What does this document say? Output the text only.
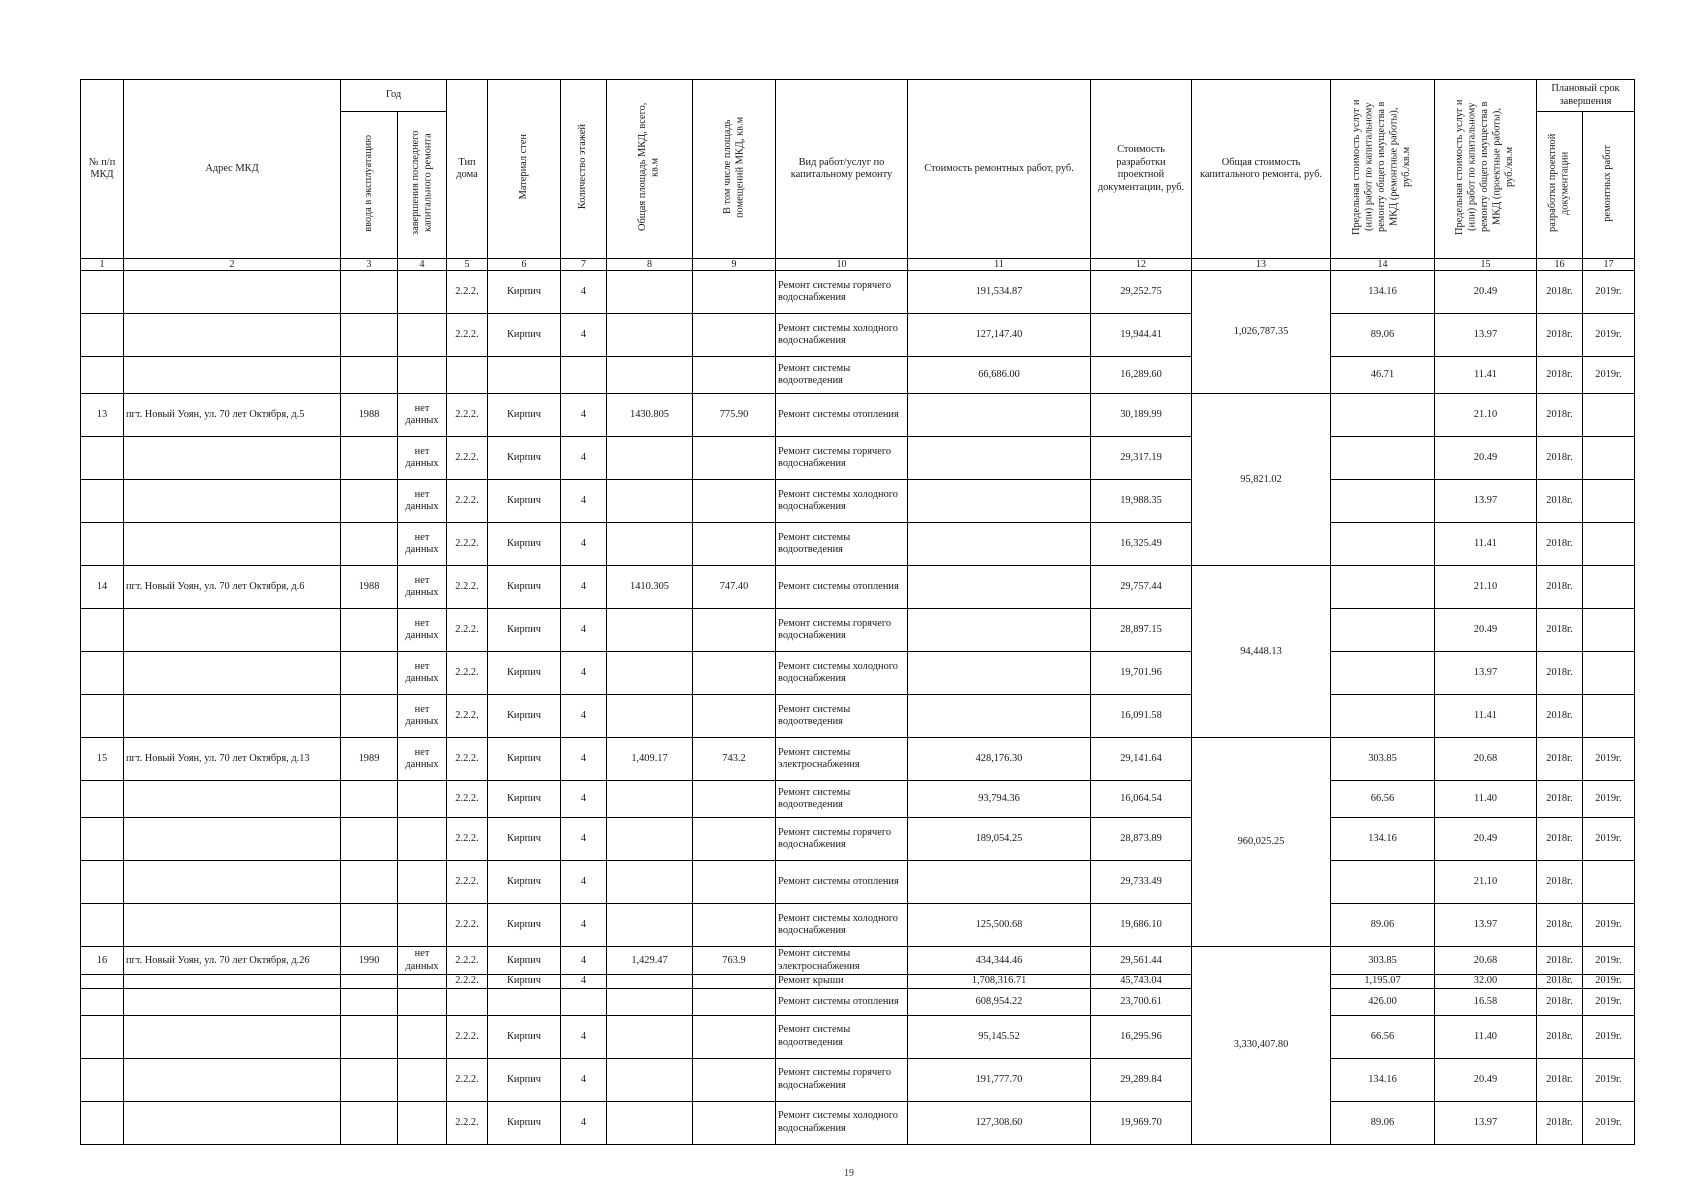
№ п/п МКД	Адрес МКД	Год		Тип дома	Материал стен	Количество этажей	Общая площадь МКД, всего, кв.м	В том числе площадь помещений МКД, кв.м	Вид работ/услуг по капитальному ремонту	Стоимость ремонтных работ, руб.	Стоимость разработки проектной документации, руб.	Общая стоимость капитального ремонта, руб.	Предельная стоимость услуг и (или) работ по капитальному ремонту общего имущества в МКД (ремонтные работы), руб./кв.м	Предельная стоимость услуг и (или) работ по капитальному ремонту общего имущества в МКД (проектные работы), руб./кв.м	Плановый срок завершения	
		ввода в эксплуатацию	завершения последнего капитального ремонта												разработки проектной документации	ремонтных работ
1	2	3	4	5	6	7	8	9	10	11	12	13	14	15	16	17
				2.2.2.	Кирпич	4			Ремонт системы горячего водоснабжения	191,534.87	29,252.75	1,026,787.35	134.16	20.49	2018г.	2019г.
				2.2.2.	Кирпич	4			Ремонт системы холодного водоснабжения	127,147.40	19,944.41		89.06	13.97	2018г.	2019г.
									Ремонт системы водоотведения	66,686.00	16,289.60		46.71	11.41	2018г.	2019г.
13	пгт. Новый Уоян, ул. 70 лет Октября, д.5	1988	нет данных	2.2.2.	Кирпич	4	1430.805	775.90	Ремонт системы отопления		30,189.99	95,821.02		21.10	2018г.	
			нет данных	2.2.2.	Кирпич	4			Ремонт системы горячего водоснабжения		29,317.19			20.49	2018г.	
			нет данных	2.2.2.	Кирпич	4			Ремонт системы холодного водоснабжения		19,988.35			13.97	2018г.	
			нет данных	2.2.2.	Кирпич	4			Ремонт системы водоотведения		16,325.49			11.41	2018г.	
14	пгт. Новый Уоян, ул. 70 лет Октября, д.6	1988	нет данных	2.2.2.	Кирпич	4	1410.305	747.40	Ремонт системы отопления		29,757.44	94,448.13		21.10	2018г.	
			нет данных	2.2.2.	Кирпич	4			Ремонт системы горячего водоснабжения		28,897.15			20.49	2018г.	
			нет данных	2.2.2.	Кирпич	4			Ремонт системы холодного водоснабжения		19,701.96			13.97	2018г.	
			нет данных	2.2.2.	Кирпич	4			Ремонт системы водоотведения		16,091.58			11.41	2018г.	
15	пгт. Новый Уоян, ул. 70 лет Октября, д.13	1989	нет данных	2.2.2.	Кирпич	4	1,409.17	743.2	Ремонт системы электроснабжения	428,176.30	29,141.64	960,025.25	303.85	20.68	2018г.	2019г.
				2.2.2.	Кирпич	4			Ремонт системы водоотведения	93,794.36	16,064.54		66.56	11.40	2018г.	2019г.
				2.2.2.	Кирпич	4			Ремонт системы горячего водоснабжения	189,054.25	28,873.89		134.16	20.49	2018г.	2019г.
				2.2.2.	Кирпич	4			Ремонт системы отопления		29,733.49			21.10	2018г.	
				2.2.2.	Кирпич	4			Ремонт системы холодного водоснабжения	125,500.68	19,686.10		89.06	13.97	2018г.	2019г.
16	пгт. Новый Уоян, ул. 70 лет Октября, д.26	1990	нет данных	2.2.2.	Кирпич	4	1,429.47	763.9	Ремонт системы электроснабжения	434,344.46	29,561.44	3,330,407.80	303.85	20.68	2018г.	2019г.
				2.2.2.	Кирпич	4			Ремонт крыши	1,708,316.71	45,743.04		1,195.07	32.00	2018г.	2019г.
									Ремонт системы отопления	608,954.22	23,700.61		426.00	16.58	2018г.	2019г.
				2.2.2.	Кирпич	4			Ремонт системы водоотведения	95,145.52	16,295.96		66.56	11.40	2018г.	2019г.
				2.2.2.	Кирпич	4			Ремонт системы горячего водоснабжения	191,777.70	29,289.84		134.16	20.49	2018г.	2019г.
				2.2.2.	Кирпич	4			Ремонт системы холодного водоснабжения	127,308.60	19,969.70		89.06	13.97	2018г.	2019г.
19
